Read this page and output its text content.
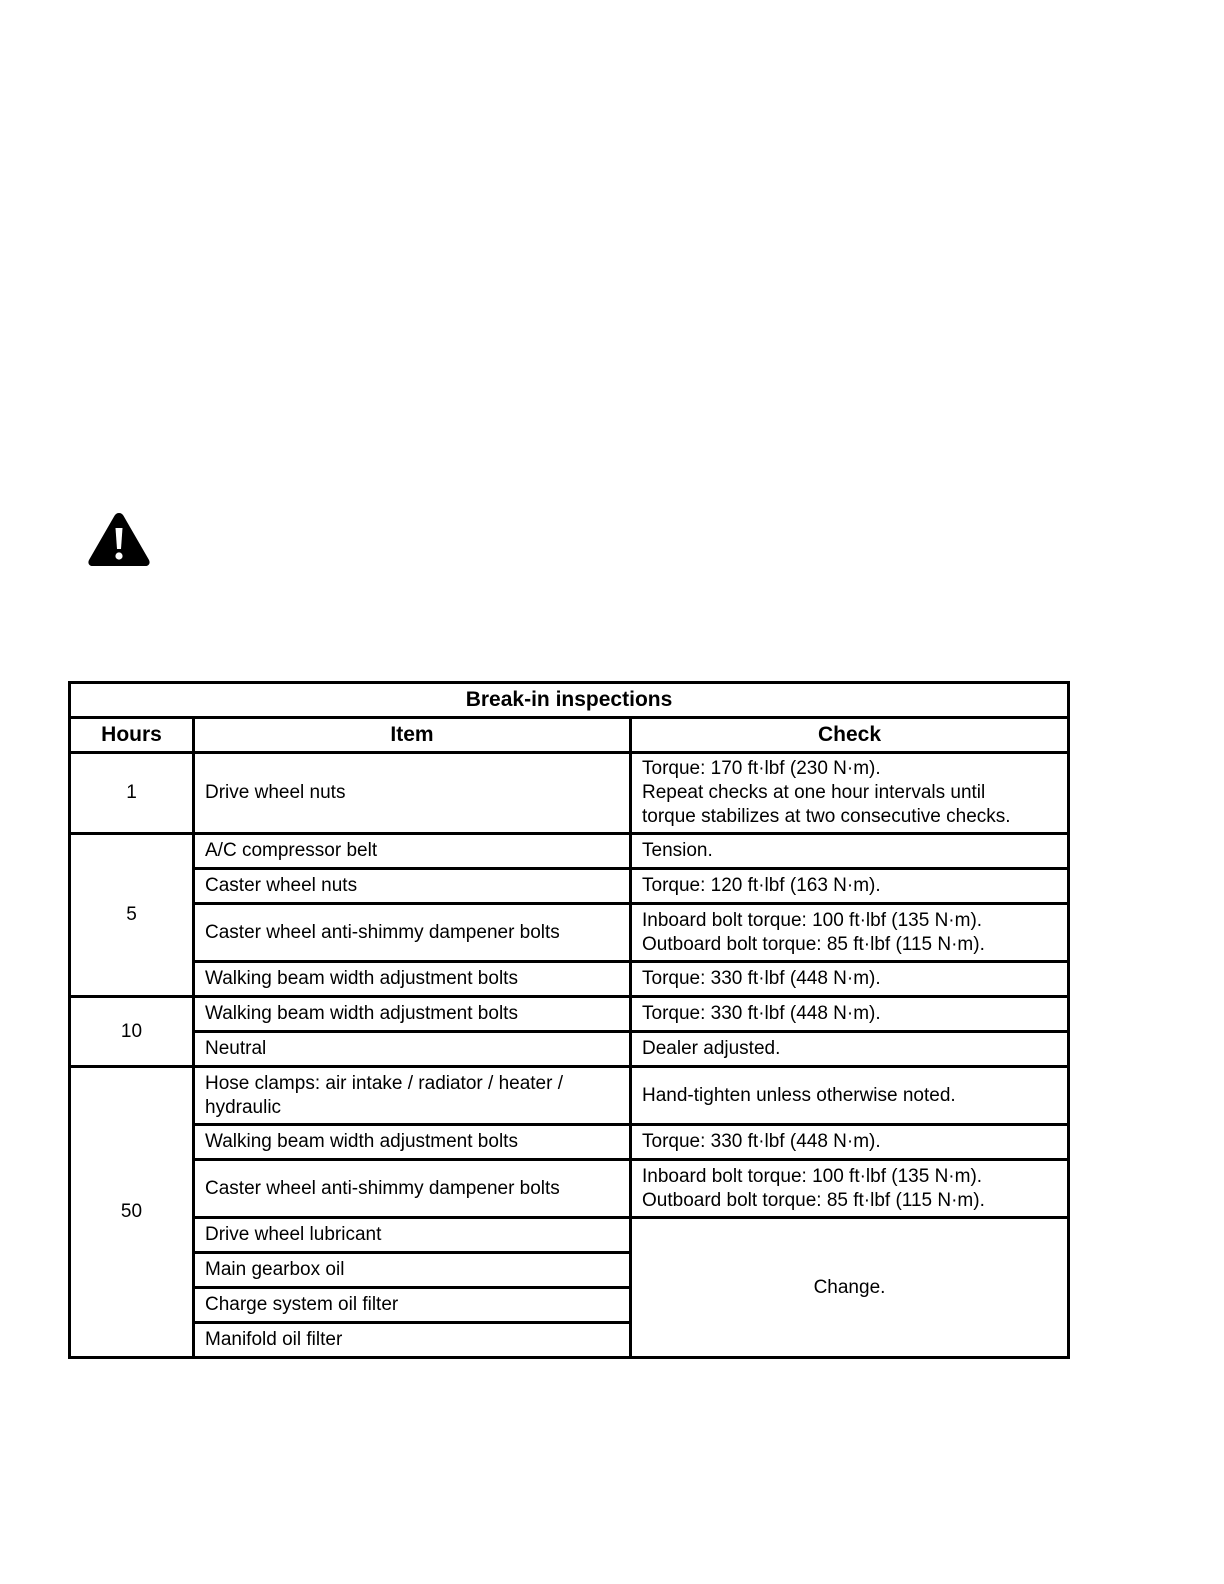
Break-in inspections		
Hours	Item	Check
1	Drive wheel nuts	Torque: 170 ft·lbf (230 N·m).
Repeat checks at one hour intervals until
torque stabilizes at two consecutive checks.

5	A/C compressor belt	Tension.
	Caster wheel nuts	Torque: 120 ft·lbf (163 N·m).
	Caster wheel anti-shimmy dampener bolts	Inboard bolt torque: 100 ft·lbf (135 N·m).
Outboard bolt torque: 85 ft·lbf (115 N·m).

	Walking beam width adjustment bolts	Torque: 330 ft·lbf (448 N·m).
10	Walking beam width adjustment bolts	Torque: 330 ft·lbf (448 N·m).
	Neutral	Dealer adjusted.
50	Hose clamps: air intake / radiator / heater / hydraulic	Hand-tighten unless otherwise noted.
	Walking beam width adjustment bolts	Torque: 330 ft·lbf (448 N·m).
	Caster wheel anti-shimmy dampener bolts	Inboard bolt torque: 100 ft·lbf (135 N·m).
Outboard bolt torque: 85 ft·lbf (115 N·m).

	Drive wheel lubricant	Change.
	Main gearbox oil	
	Charge system oil filter	
	Manifold oil filter	
